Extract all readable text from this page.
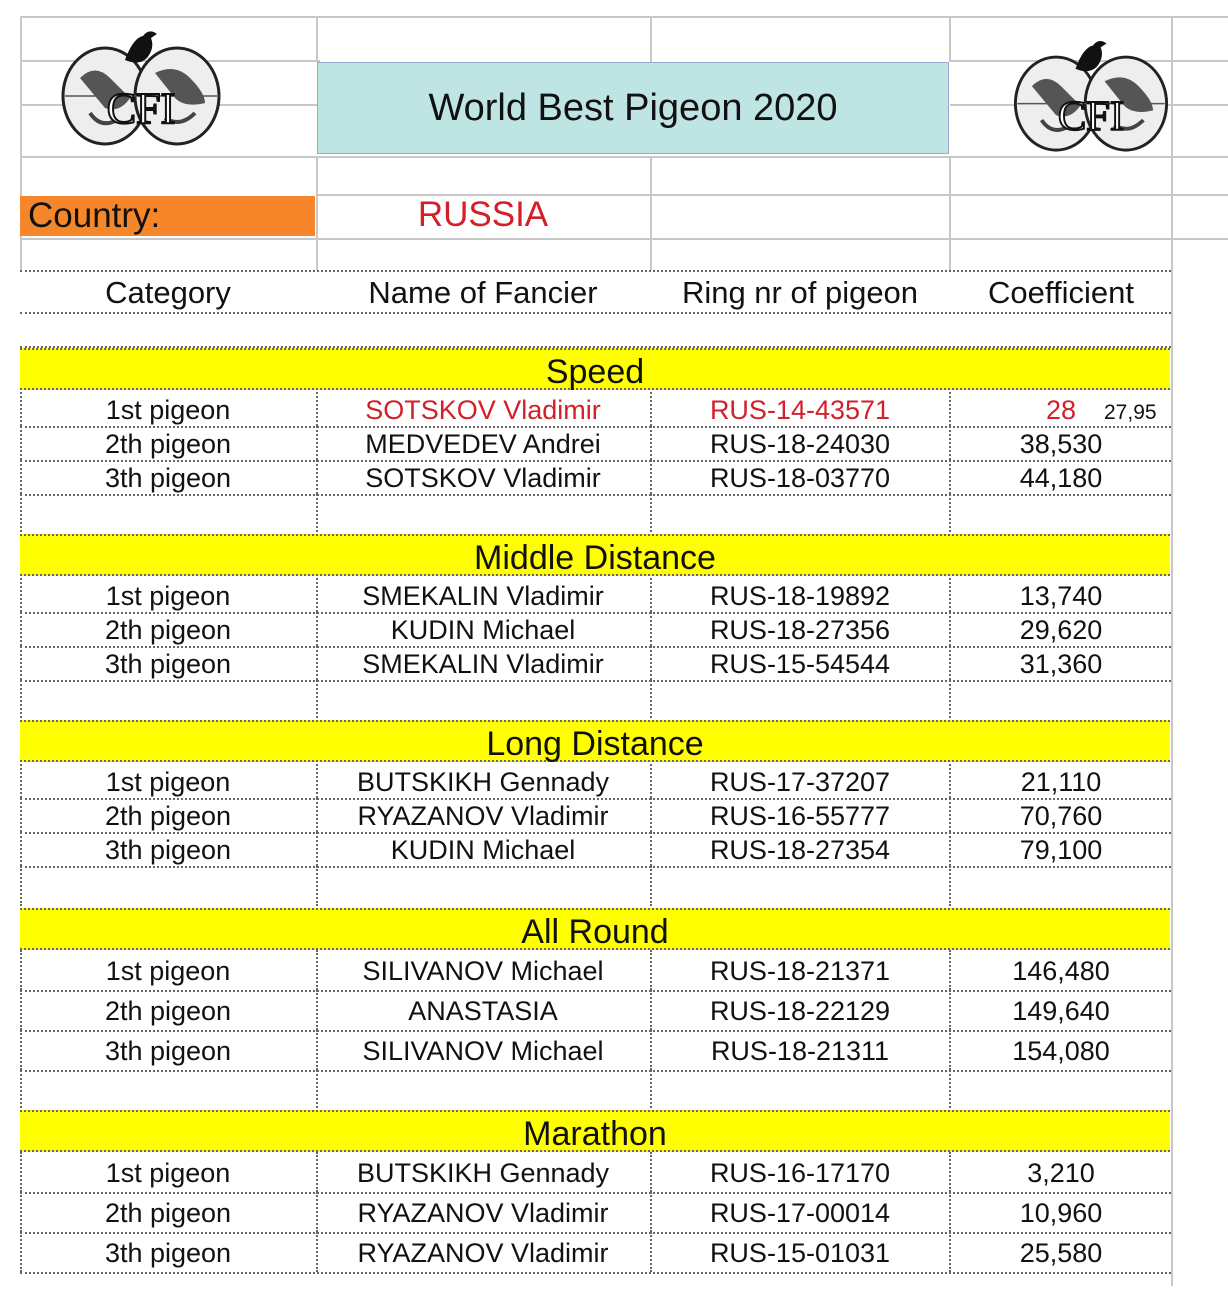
CFI	CFI
World Best Pigeon 2020
Country:	RUSSIA
Category	Name of Fancier	Ring nr of pigeon	Coefficient
Speed
1st pigeon	SOTSKOV Vladimir	RUS-14-43571	28	27,95
2th pigeon	MEDVEDEV Andrei	RUS-18-24030	38,530
3th pigeon	SOTSKOV Vladimir	RUS-18-03770	44,180
Middle Distance
1st pigeon	SMEKALIN Vladimir	RUS-18-19892	13,740
2th pigeon	KUDIN Michael	RUS-18-27356	29,620
3th pigeon	SMEKALIN Vladimir	RUS-15-54544	31,360
Long Distance
1st pigeon	BUTSKIKH Gennady	RUS-17-37207	21,110
2th pigeon	RYAZANOV Vladimir	RUS-16-55777	70,760
3th pigeon	KUDIN Michael	RUS-18-27354	79,100
All Round
1st pigeon	SILIVANOV Michael	RUS-18-21371	146,480
2th pigeon	ANASTASIA	RUS-18-22129	149,640
3th pigeon	SILIVANOV Michael	RUS-18-21311	154,080
Marathon
1st pigeon	BUTSKIKH Gennady	RUS-16-17170	3,210
2th pigeon	RYAZANOV Vladimir	RUS-17-00014	10,960
3th pigeon	RYAZANOV Vladimir	RUS-15-01031	25,580
